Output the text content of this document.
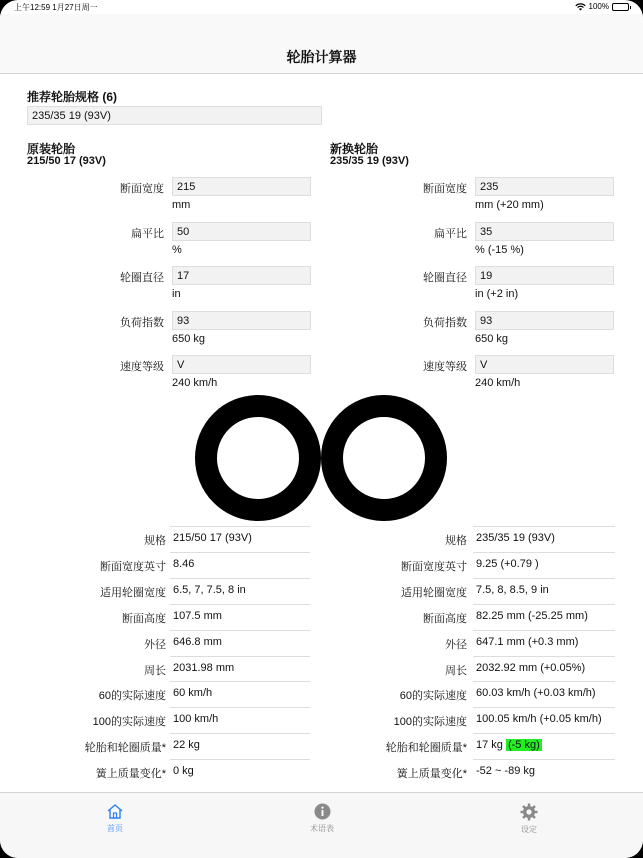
上午12:59 1月27日周一	100%
轮胎计算器
推荐轮胎规格 (6)
235/35 19 (93V)
原装轮胎
215/50 17 (93V)
新换轮胎
235/35 19 (93V)
断面宽度	215
mm
扁平比	50
%
轮圈直径	17
in
负荷指数	93
650 kg
速度等级	V
240 km/h
断面宽度	235
mm (+20 mm)
扁平比	35
% (-15 %)
轮圈直径	19
in (+2 in)
负荷指数	93
650 kg
速度等级	V
240 km/h
规格 215/50 17 (93V)
断面宽度英寸 8.46
适用轮圈宽度 6.5, 7, 7.5, 8 in
断面高度 107.5 mm
外径 646.8 mm
周长 2031.98 mm
60的实际速度 60 km/h
100的实际速度 100 km/h
轮胎和轮圈质量* 22 kg
簧上质量变化* 0 kg
规格 235/35 19 (93V)
断面宽度英寸 9.25 (+0.79 )
适用轮圈宽度 7.5, 8, 8.5, 9 in
断面高度 82.25 mm (-25.25 mm)
外径 647.1 mm (+0.3 mm)
周长 2032.92 mm (+0.05%)
60的实际速度 60.03 km/h (+0.03 km/h)
100的实际速度 100.05 km/h (+0.05 km/h)
轮胎和轮圈质量* 17 kg (-5 kg)
簧上质量变化* -52 ~ -89 kg
首页	术语表	设定
